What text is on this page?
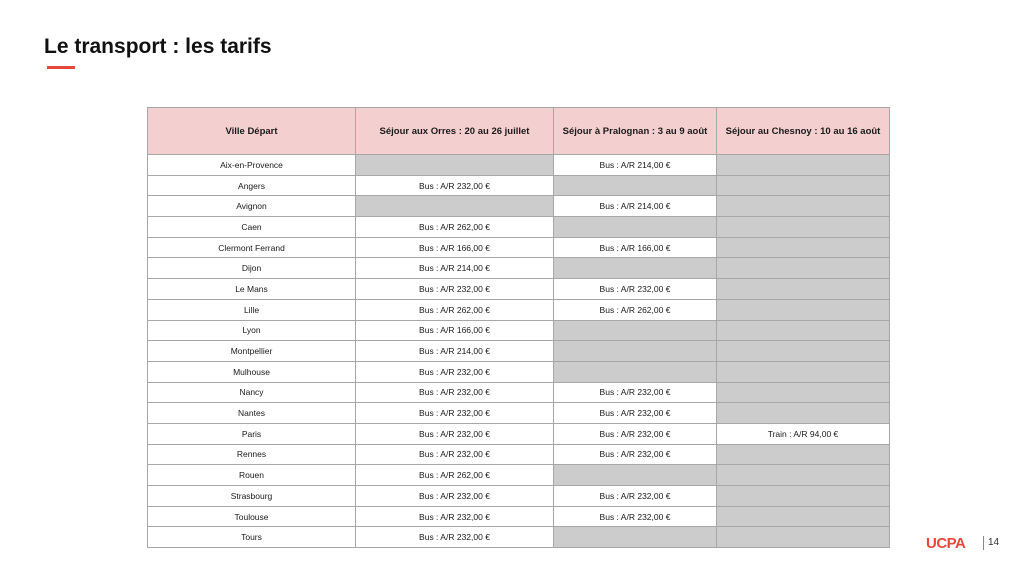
Le transport : les tarifs
Ville Départ	Séjour aux Orres : 20 au 26 juillet	Séjour à Pralognan : 3 au 9 août	Séjour au Chesnoy : 10 au 16 août
Aix-en-Provence		Bus : A/R 214,00 €	
Angers	Bus : A/R 232,00 €		
Avignon		Bus : A/R 214,00 €	
Caen	Bus : A/R 262,00 €		
Clermont Ferrand	Bus : A/R 166,00 €	Bus : A/R 166,00 €	
Dijon	Bus : A/R 214,00 €		
Le Mans	Bus : A/R 232,00 €	Bus : A/R 232,00 €	
Lille	Bus : A/R 262,00 €	Bus : A/R 262,00 €	
Lyon	Bus : A/R 166,00 €		
Montpellier	Bus : A/R 214,00 €		
Mulhouse	Bus : A/R 232,00 €		
Nancy	Bus : A/R 232,00 €	Bus : A/R 232,00 €	
Nantes	Bus : A/R 232,00 €	Bus : A/R 232,00 €	
Paris	Bus : A/R 232,00 €	Bus : A/R 232,00 €	Train : A/R 94,00 €
Rennes	Bus : A/R 232,00 €	Bus : A/R 232,00 €	
Rouen	Bus : A/R 262,00 €		
Strasbourg	Bus : A/R 232,00 €	Bus : A/R 232,00 €	
Toulouse	Bus : A/R 232,00 €	Bus : A/R 232,00 €	
Tours	Bus : A/R 232,00 €			UCPA 14
